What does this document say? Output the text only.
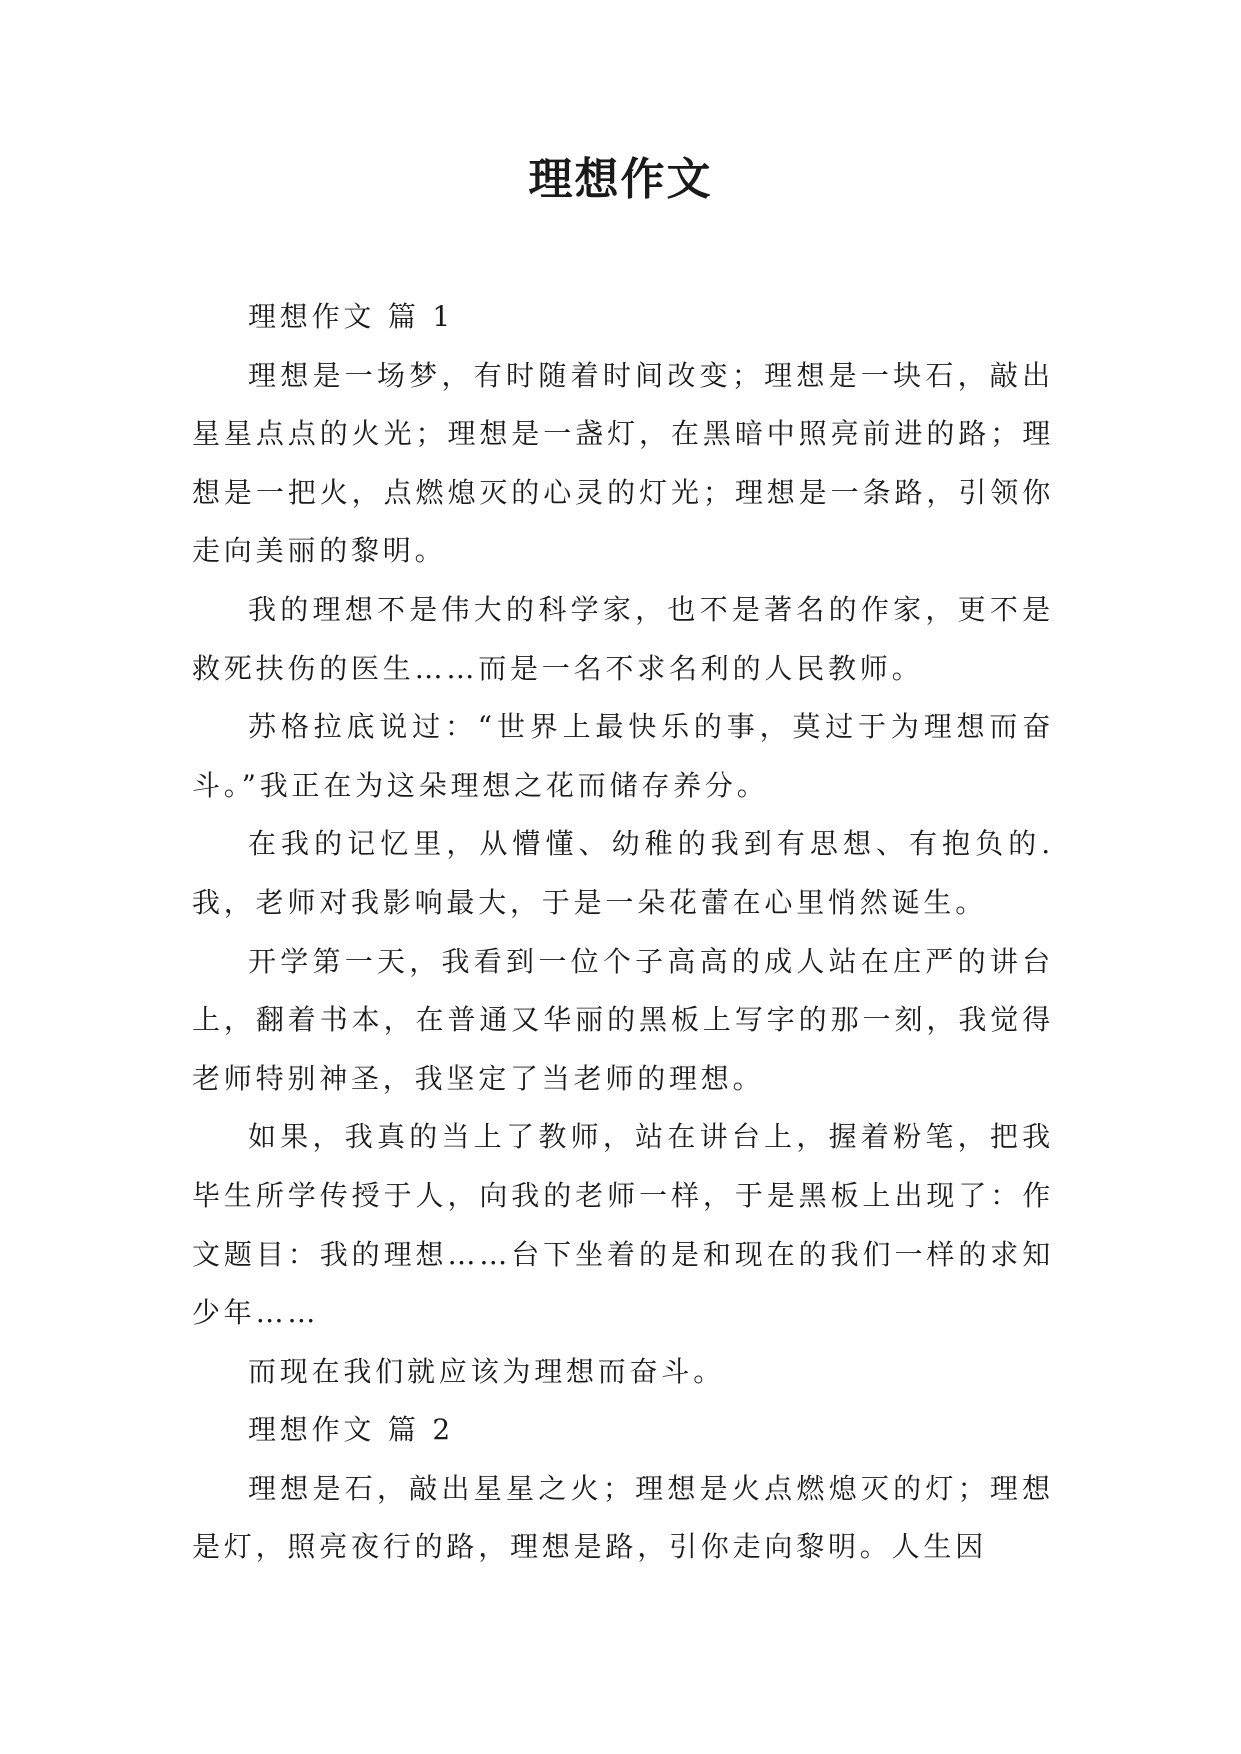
理想作文

理想作文 篇 1

理想是一场梦，有时随着时间改变；理想是一块石，敲出星星点点的火光；理想是一盏灯，在黑暗中照亮前进的路；理想是一把火，点燃熄灭的心灵的灯光；理想是一条路，引领你走向美丽的黎明。

我的理想不是伟大的科学家，也不是著名的作家，更不是救死扶伤的医生……而是一名不求名利的人民教师。

苏格拉底说过：“世界上最快乐的事，莫过于为理想而奋斗。”我正在为这朵理想之花而储存养分。

在我的记忆里，从懵懂、幼稚的我到有思想、有抱负的.我，老师对我影响最大，于是一朵花蕾在心里悄然诞生。

开学第一天，我看到一位个子高高的成人站在庄严的讲台上，翻着书本，在普通又华丽的黑板上写字的那一刻，我觉得老师特别神圣，我坚定了当老师的理想。

如果，我真的当上了教师，站在讲台上，握着粉笔，把我毕生所学传授于人，向我的老师一样，于是黑板上出现了：作文题目：我的理想……台下坐着的是和现在的我们一样的求知少年……

而现在我们就应该为理想而奋斗。

理想作文 篇 2

理想是石，敲出星星之火；理想是火点燃熄灭的灯；理想是灯，照亮夜行的路，理想是路，引你走向黎明。人生因
